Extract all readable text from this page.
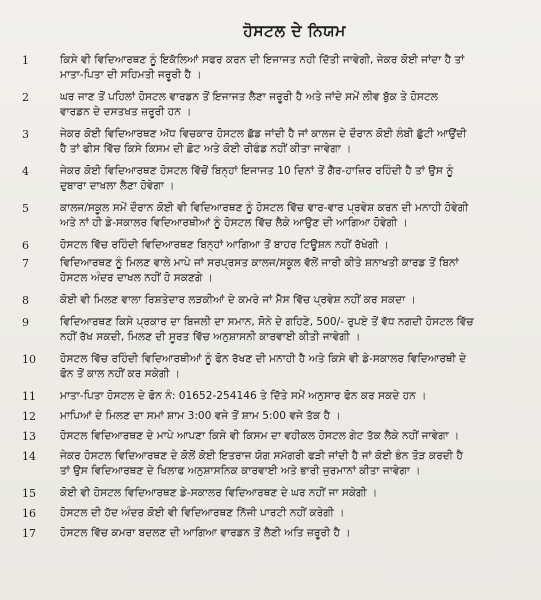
ਹੋਸਟਲ ਦੇ ਨਿਯਮ
1	ਕਿਸੇ ਵੀ ਵਿਦਿਆਰਥਣ ਨੂੰ ਇਕੱਲਿਆਂ ਸਫਰ ਕਰਨ ਦੀ ਇਜਾਜਤ ਨਹੀ ਦਿੱਤੀ ਜਾਵੇਗੀ, ਜੇਕਰ ਕੋਈ ਜਾਂਦਾ ਹੈ ਤਾਂ
ਮਾਤਾ-ਪਿਤਾ ਦੀ ਸਹਿਮਤੀ ਜਰੂਰੀ ਹੈ ।
2	ਘਰ ਜਾਣ ਤੋਂ ਪਹਿਲਾਂ ਹੋਸਟਲ ਵਾਰਡਨ ਤੋਂ ਇਜਾਜਤ ਲੈਣਾ ਜਰੂਰੀ ਹੈ ਅਤੇ ਜਾਂਦੇ ਸਮੇਂ ਲੀਵ ਬੁੱਕ ਤੇ ਹੋਸਟਲ
ਵਾਰਡਨ ਦੇ ਦਸਤਖਤ ਜ਼ਰੂਰੀ ਹਨ ।
3	ਜੇਕਰ ਕੋਈ ਵਿਦਿਆਰਥਣ ਅੱਧ ਵਿਚਕਾਰ ਹੋਸਟਲ ਛੱਡ ਜਾਂਦੀ ਹੈ ਜਾਂ ਕਾਲਜ ਦੇ ਦੌਰਾਨ ਕੋਈ ਲੰਬੀ ਛੁੱਟੀ ਆਉਂਦੀ
ਹੈ ਤਾਂ ਫੀਸ ਵਿੱਚ ਕਿਸੇ ਕਿਸਮ ਦੀ ਛੋਟ ਅਤੇ ਕੋਈ ਰੀਫੰਡ ਨਹੀਂ ਕੀਤਾ ਜਾਵੇਗਾ ।
4	ਜੇਕਰ ਕੋਈ ਵਿਦਿਆਰਥਣ ਹੋਸਟਲ ਵਿੱਚੋਂ ਬਿਨ੍ਹਾਂ ਇਜਾਜਤ 10 ਦਿਨਾਂ ਤੋਂ ਗੈਰ-ਹਾਜ਼ਿਰ ਰਹਿੰਦੀ ਹੈ ਤਾਂ ਉਸ ਨੂੰ
ਦੁਬਾਰਾ ਦਾਖਲਾ ਲੈਣਾ ਹੋਵੇਗਾ ।
5	ਕਾਲਜ/ਸਕੂਲ ਸਮੇਂ ਦੌਰਾਨ ਕੋਈ ਵੀ ਵਿਦਿਆਰਥਣ ਨੂੰ ਹੋਸਟਲ ਵਿੱਚ ਵਾਰ-ਵਾਰ ਪ੍ਰਵੇਸ਼ ਕਰਨ ਦੀ ਮਨਾਹੀ ਹੋਵੇਗੀ
ਅਤੇ ਨਾਂ ਹੀ ਡੇ-ਸਕਾਲਰ ਵਿਦਿਆਰਥੀਆਂ ਨੂੰ ਹੋਸਟਲ ਵਿੱਚ ਲੈਕੇ ਆਉਣ ਦੀ ਆਗਿਆ ਹੋਵੇਗੀ ।
6	ਹੋਸਟਲ ਵਿੱਚ ਰਹਿੰਦੀ ਵਿਦਿਆਰਥਣ ਬਿਨ੍ਹਾਂ ਆਗਿਆ ਤੋਂ ਬਾਹਰ ਟਿਊਸ਼ਨ ਨਹੀਂ ਰੱਖੇਗੀ ।
7	ਵਿਦਿਆਰਥਣ ਨੂੰ ਮਿਲਣ ਵਾਲੇ ਮਾਪੇ ਜਾਂ ਸਰਪ੍ਰਸਤ ਕਾਲਜ/ਸਕੂਲ ਵੱਲੋਂ ਜਾਰੀ ਕੀਤੇ ਸ਼ਨਾਖਤੀ ਕਾਰਡ ਤੋਂ ਬਿਨਾਂ
ਹੋਸਟਲ ਅੰਦਰ ਦਾਖਲ ਨਹੀਂ ਹੋ ਸਕਣਗੇ ।
8	ਕੋਈ ਵੀ ਮਿਲਣ ਵਾਲਾ ਰਿਸ਼ਤੇਦਾਰ ਲੜਕੀਆਂ ਦੇ ਕਮਰੇ ਜਾਂ ਮੈੱਸ ਵਿੱਚ ਪ੍ਰਵੇਸ਼ ਨਹੀਂ ਕਰ ਸਕਦਾ ।
9	ਵਿਦਿਆਰਥਣ ਕਿਸੇ ਪ੍ਰਕਾਰ ਦਾ ਬਿਜਲੀ ਦਾ ਸਮਾਨ, ਸੋਨੇ ਦੇ ਗਹਿਣੇ, 500/- ਰੁਪਏ ਤੋਂ ਵੱਧ ਨਗਦੀ ਹੋਸਟਲ ਵਿੱਚ
ਨਹੀਂ ਰੱਖ ਸਕਦੀ, ਮਿਲਣ ਦੀ ਸੂਰਤ ਵਿੱਚ ਅਨੁਸ਼ਾਸਨੀ ਕਾਰਵਾਈ ਕੀਤੀ ਜਾਵੇਗੀ ।
10	ਹੋਸਟਲ ਵਿੱਚ ਰਹਿੰਦੀ ਵਿਦਿਆਰਥੀਆਂ ਨੂੰ ਫੋਨ ਰੱਖਣ ਦੀ ਮਨਾਹੀ ਹੈ ਅਤੇ ਕਿਸੇ ਵੀ ਡੇ-ਸਕਾਲਰ ਵਿਦਿਆਰਥੀ ਦੇ
ਫੋਨ ਤੋਂ ਕਾਲ ਨਹੀਂ ਕਰ ਸਕੇਗੀ ।
11	ਮਾਤਾ-ਪਿਤਾ ਹੋਸਟਲ ਦੇ ਫੋਨ ਨੰ: 01652-254146 ਤੇ ਦਿੱਤੇ ਸਮੇਂ ਅਨੁਸਾਰ ਫੋਨ ਕਰ ਸਕਦੇ ਹਨ ।
12	ਮਾਪਿਆਂ ਦੇ ਮਿਲਣ ਦਾ ਸਮਾਂ ਸ਼ਾਮ 3:00 ਵਜੇ ਤੋਂ ਸ਼ਾਮ 5:00 ਵਜੇ ਤੱਕ ਹੈ ।
13	ਹੋਸਟਲ ਵਿਦਿਆਰਥਣ ਦੇ ਮਾਪੇ ਆਪਣਾ ਕਿਸੇ ਵੀ ਕਿਸਮ ਦਾ ਵਹੀਕਲ ਹੋਸਟਲ ਗੇਟ ਤੱਕ ਲੈਕੇ ਨਹੀਂ ਜਾਵੇਗਾ ।
14	ਜੇਕਰ ਹੋਸਟਲ ਵਿਦਿਆਰਥਣ ਦੇ ਕੋਲੋਂ ਕੋਈ ਇਤਰਾਜ ਯੋਗ ਸਮੱਗਰੀ ਫੜੀ ਜਾਂਦੀ ਹੈ ਜਾਂ ਕੋਈ ਭੰਨ ਤੋੜ ਕਰਦੀ ਹੈ
ਤਾਂ ਉਸ ਵਿਦਿਆਰਥਣ ਦੇ ਖਿਲਾਫ ਅਨੁਸ਼ਾਸਨਿਕ ਕਾਰਵਾਈ ਅਤੇ ਭਾਰੀ ਜੁਰਮਾਨਾਂ ਕੀਤਾ ਜਾਵੇਗਾ ।
15	ਕੋਈ ਵੀ ਹੋਸਟਲ ਵਿਦਿਆਰਥਣ ਡੇ-ਸਕਾਲਰ ਵਿਦਿਆਰਥਣ ਦੇ ਘਰ ਨਹੀਂ ਜਾ ਸਕੇਗੀ ।
16	ਹੋਸਟਲ ਦੀ ਹੱਦ ਅੰਦਰ ਕੋਈ ਵੀ ਵਿਦਿਆਰਥਣ ਨਿੱਜੀ ਪਾਰਟੀ ਨਹੀਂ ਕਰੇਗੀ ।
17	ਹੋਸਟਲ ਵਿੱਚ ਕਮਰਾ ਬਦਲਣ ਦੀ ਆਗਿਆ ਵਾਰਡਨ ਤੋਂ ਲੈਣੀ ਅਤਿ ਜ਼ਰੂਰੀ ਹੈ ।
